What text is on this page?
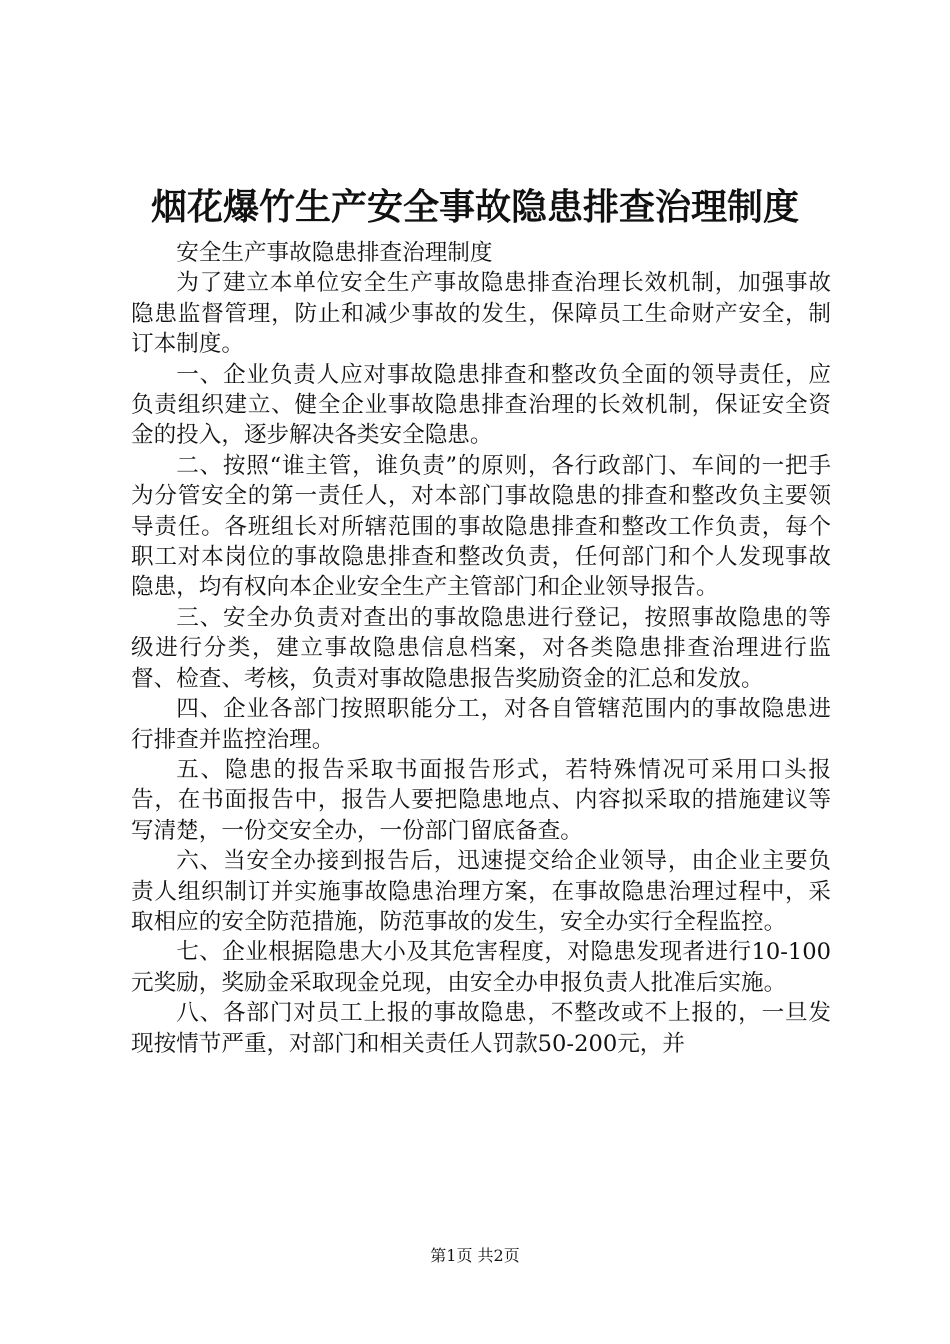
烟花爆竹生产安全事故隐患排查治理制度

安全生产事故隐患排查治理制度

为了建立本单位安全生产事故隐患排查治理长效机制，加强事故隐患监督管理，防止和减少事故的发生，保障员工生命财产安全，制订本制度。

一、企业负责人应对事故隐患排查和整改负全面的领导责任，应负责组织建立、健全企业事故隐患排查治理的长效机制，保证安全资金的投入，逐步解决各类安全隐患。

二、按照“谁主管，谁负责”的原则，各行政部门、车间的一把手为分管安全的第一责任人，对本部门事故隐患的排查和整改负主要领导责任。各班组长对所辖范围的事故隐患排查和整改工作负责，每个职工对本岗位的事故隐患排查和整改负责，任何部门和个人发现事故隐患，均有权向本企业安全生产主管部门和企业领导报告。

三、安全办负责对查出的事故隐患进行登记，按照事故隐患的等级进行分类，建立事故隐患信息档案，对各类隐患排查治理进行监督、检查、考核，负责对事故隐患报告奖励资金的汇总和发放。

四、企业各部门按照职能分工，对各自管辖范围内的事故隐患进行排查并监控治理。

五、隐患的报告采取书面报告形式，若特殊情况可采用口头报告，在书面报告中，报告人要把隐患地点、内容拟采取的措施建议等写清楚，一份交安全办，一份部门留底备查。

六、当安全办接到报告后，迅速提交给企业领导，由企业主要负责人组织制订并实施事故隐患治理方案，在事故隐患治理过程中，采取相应的安全防范措施，防范事故的发生，安全办实行全程监控。

七、企业根据隐患大小及其危害程度，对隐患发现者进行10-100元奖励，奖励金采取现金兑现，由安全办申报负责人批准后实施。

八、各部门对员工上报的事故隐患，不整改或不上报的，一旦发现按情节严重，对部门和相关责任人罚款50-200元，并

第1页 共2页
